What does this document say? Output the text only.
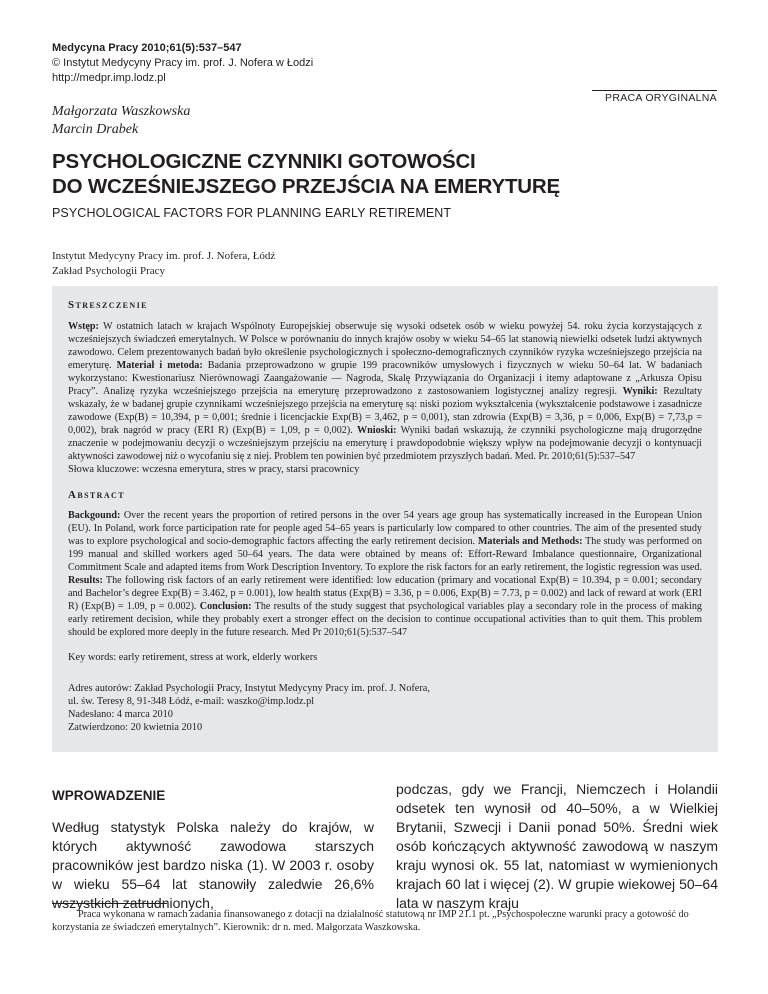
Medycyna Pracy 2010;61(5):537–547
© Instytut Medycyny Pracy im. prof. J. Nofera w Łodzi
http://medpr.imp.lodz.pl
PRACA ORYGINALNA
Małgorzata Waszkowska
Marcin Drabek
PSYCHOLOGICZNE CZYNNIKI GOTOWOŚCI
DO WCZEŚNIEJSZEGO PRZEJŚCIA NA EMERYTURĘ
PSYCHOLOGICAL FACTORS FOR PLANNING EARLY RETIREMENT
Instytut Medycyny Pracy im. prof. J. Nofera, Łódź
Zakład Psychologii Pracy
Streszczenie
Wstęp: W ostatnich latach w krajach Wspólnoty Europejskiej obserwuje się wysoki odsetek osób w wieku powyżej 54. roku życia korzystających z wcześniejszych świadczeń emerytalnych. W Polsce w porównaniu do innych krajów osoby w wieku 54–65 lat stanowią niewielki odsetek ludzi aktywnych zawodowo. Celem prezentowanych badań było określenie psychologicznych i społeczno-demograficznych czynników ryzyka wcześniejszego przejścia na emeryturę. Materiał i metoda: Badania przeprowadzono w grupie 199 pracowników umysłowych i fizycznych w wieku 50–64 lat. W badaniach wykorzystano: Kwestionariusz Nierównowagi Zaangażowanie — Nagroda, Skalę Przywiązania do Organizacji i itemy adaptowane z „Arkusza Opisu Pracy”. Analizę ryzyka wcześniejszego przejścia na emeryturę przeprowadzono z zastosowaniem logistycznej analizy regresji. Wyniki: Rezultaty wskazały, że w badanej grupie czynnikami wcześniejszego przejścia na emeryturę są: niski poziom wykształcenia (wykształcenie podstawowe i zasadnicze zawodowe (Exp(B) = 10,394, p = 0,001; średnie i licencjackie Exp(B) = 3,462, p = 0,001), stan zdrowia (Exp(B) = 3,36, p = 0,006, Exp(B) = 7,73,p = 0,002), brak nagród w pracy (ERI R) (Exp(B) = 1,09, p = 0,002). Wnioski: Wyniki badań wskazują, że czynniki psychologiczne mają drugorzędne znaczenie w podejmowaniu decyzji o wcześniejszym przejściu na emeryturę i prawdopodobnie większy wpływ na podejmowanie decyzji o kontynuacji aktywności zawodowej niż o wycofaniu się z niej. Problem ten powinien być przedmiotem przyszłych badań. Med. Pr. 2010;61(5):537–547
Słowa kluczowe: wczesna emerytura, stres w pracy, starsi pracownicy
Abstract
Backgound: Over the recent years the proportion of retired persons in the over 54 years age group has systematically increased in the European Union (EU). In Poland, work force participation rate for people aged 54–65 years is particularly low compared to other countries. The aim of the presented study was to explore psychological and socio-demographic factors affecting the early retirement decision. Materials and Methods: The study was performed on 199 manual and skilled workers aged 50–64 years. The data were obtained by means of: Effort-Reward Imbalance questionnaire, Organizational Commitment Scale and adapted items from Work Description Inventory. To explore the risk factors for an early retirement, the logistic regression was used. Results: The following risk factors of an early retirement were identified: low education (primary and vocational Exp(B) = 10.394, p = 0.001; secondary and Bachelor’s degree Exp(B) = 3.462, p = 0.001), low health status (Exp(B) = 3.36, p = 0.006, Exp(B) = 7.73, p = 0.002) and lack of reward at work (ERI R) (Exp(B) = 1.09, p = 0.002). Conclusion: The results of the study suggest that psychological variables play a secondary role in the process of making early retirement decision, while they probably exert a stronger effect on the decision to continue occupational activities than to quit them. This problem should be explored more deeply in the future research. Med Pr 2010;61(5):537–547
Key words: early retirement, stress at work, elderly workers
Adres autorów: Zakład Psychologii Pracy, Instytut Medycyny Pracy im. prof. J. Nofera,
ul. św. Teresy 8, 91-348 Łódź, e-mail: waszko@imp.lodz.pl
Nadesłano: 4 marca 2010
Zatwierdzono: 20 kwietnia 2010
WPROWADZENIE
Według statystyk Polska należy do krajów, w których aktywność zawodowa starszych pracowników jest bardzo niska (1). W 2003 r. osoby w wieku 55–64 lat stanowiły zaledwie 26,6% wszystkich zatrudnionych,
podczas, gdy we Francji, Niemczech i Holandii odsetek ten wynosił od 40–50%, a w Wielkiej Brytanii, Szwecji i Danii ponad 50%. Średni wiek osób kończących aktywność zawodową w naszym kraju wynosi ok. 55 lat, natomiast w wymienionych krajach 60 lat i więcej (2). W grupie wiekowej 50–64 lata w naszym kraju
Praca wykonana w ramach zadania finansowanego z dotacji na działalność statutową nr IMP 21.1 pt. „Psychospołeczne warunki pracy a gotowość do korzystania ze świadczeń emerytalnych”. Kierownik: dr n. med. Małgorzata Waszkowska.
